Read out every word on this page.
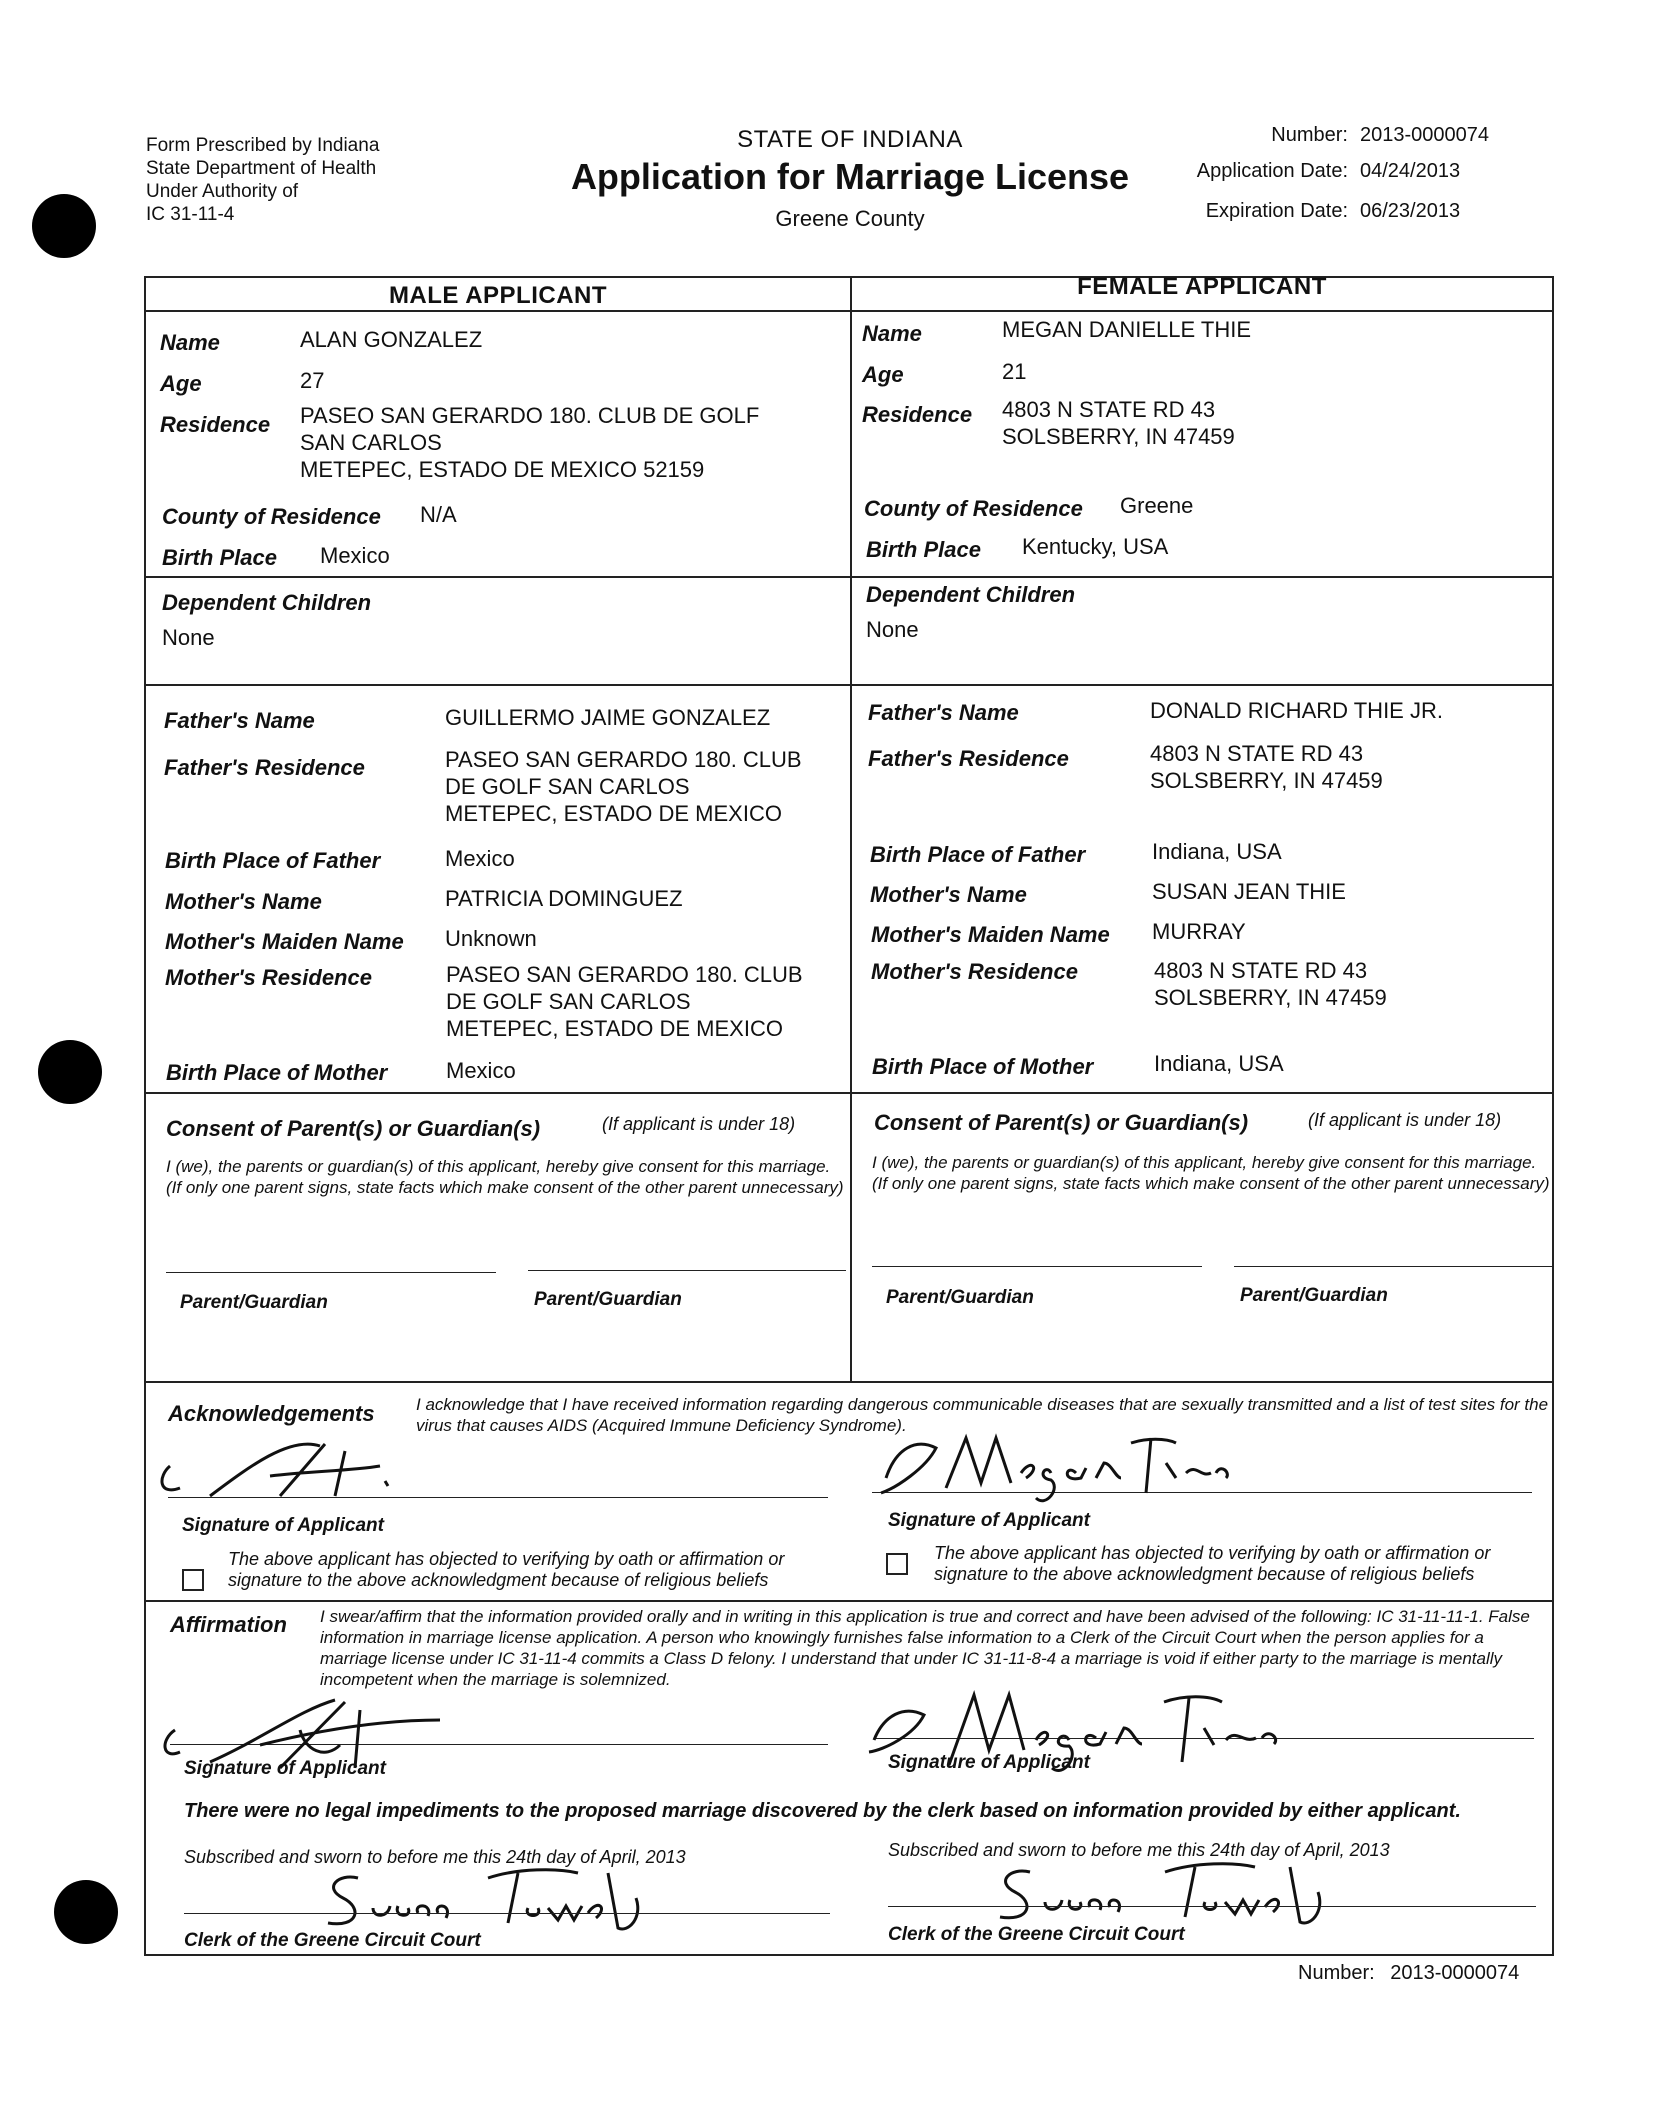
Form Prescribed by Indiana
State Department of Health
Under Authority of
IC 31-11-4
STATE OF INDIANA
Application for Marriage License
Greene County
Number: 2013-0000074
Application Date: 04/24/2013
Expiration Date: 06/23/2013
MALE APPLICANT	FEMALE APPLICANT
Name	ALAN GONZALEZ
Age	27
Residence PASEO SAN GERARDO 180. CLUB DE GOLF
SAN CARLOS
METEPEC, ESTADO DE MEXICO 52159
County of Residence N/A
Birth Place Mexico
Dependent Children
None
Father's Name	GUILLERMO JAIME GONZALEZ
Father's Residence	PASEO SAN GERARDO 180. CLUB
DE GOLF SAN CARLOS
METEPEC, ESTADO DE MEXICO
Birth Place of Father	Mexico
Mother's Name	PATRICIA DOMINGUEZ
Mother's Maiden Name Unknown
Mother's Residence	PASEO SAN GERARDO 180. CLUB
DE GOLF SAN CARLOS
METEPEC, ESTADO DE MEXICO
Birth Place of Mother	Mexico
Name	MEGAN DANIELLE THIE
Age	21
Residence 4803 N STATE RD 43
SOLSBERRY, IN 47459
County of Residence Greene
Birth Place Kentucky, USA
Dependent Children
None
Father's Name	DONALD RICHARD THIE JR.
Father's Residence	4803 N STATE RD 43
SOLSBERRY, IN 47459
Birth Place of Father	Indiana, USA
Mother's Name	SUSAN JEAN THIE
Mother's Maiden Name MURRAY
Mother's Residence	4803 N STATE RD 43
SOLSBERRY, IN 47459
Birth Place of Mother	Indiana, USA
Consent of Parent(s) or Guardian(s)	(If applicant is under 18)
I (we), the parents or guardian(s) of this applicant, hereby give consent for this marriage. (If only one parent signs, state facts which make consent of the other parent unnecessary)
Parent/Guardian	Parent/Guardian
Consent of Parent(s) or Guardian(s)	(If applicant is under 18)
I (we), the parents or guardian(s) of this applicant, hereby give consent for this marriage. (If only one parent signs, state facts which make consent of the other parent unnecessary)
Parent/Guardian	Parent/Guardian
Acknowledgements I acknowledge that I have received information regarding dangerous communicable diseases that are sexually transmitted and a list of test sites for the virus that causes AIDS (Acquired Immune Deficiency Syndrome).
Signature of Applicant	Signature of Applicant
The above applicant has objected to verifying by oath or affirmation or signature to the above acknowledgment because of religious beliefs
The above applicant has objected to verifying by oath or affirmation or signature to the above acknowledgment because of religious beliefs
Affirmation I swear/affirm that the information provided orally and in writing in this application is true and correct and have been advised of the following: IC 31-11-11-1. False information in marriage license application. A person who knowingly furnishes false information to a Clerk of the Circuit Court when the person applies for a marriage license under IC 31-11-4 commits a Class D felony. I understand that under IC 31-11-8-4 a marriage is void if either party to the marriage is mentally incompetent when the marriage is solemnized.
Signature of Applicant	Signature of Applicant
There were no legal impediments to the proposed marriage discovered by the clerk based on information provided by either applicant.
Subscribed and sworn to before me this 24th day of April, 2013	Subscribed and sworn to before me this 24th day of April, 2013
Clerk of the Greene Circuit Court	Clerk of the Greene Circuit Court
Number: 2013-0000074
